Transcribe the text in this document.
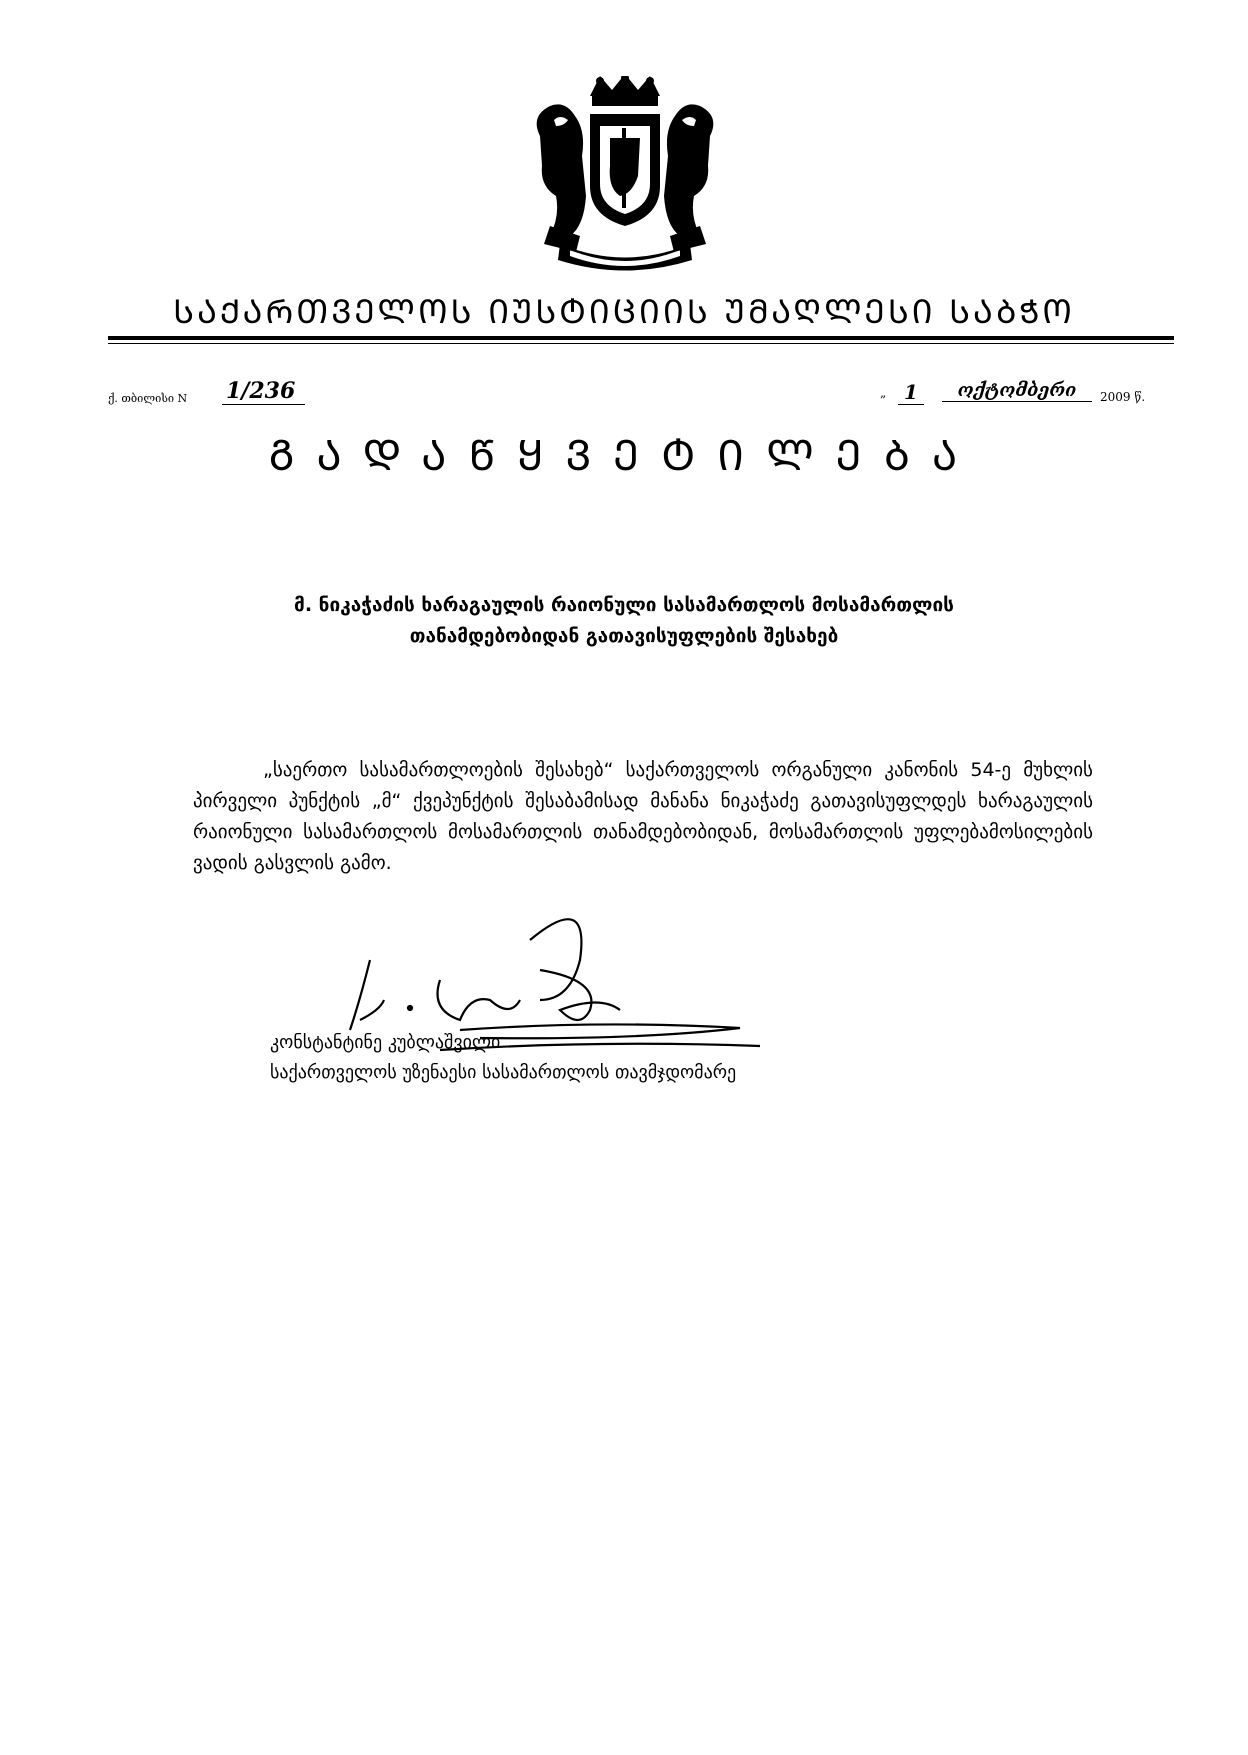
ᲡᲐᲥᲐᲠᲗᲕᲔᲚᲝᲡ ᲘᲣᲡᲢᲘᲪᲘᲘᲡ ᲣᲛᲐᲦᲚᲔᲡᲘ ᲡᲐᲑᲭᲝ
ქ. თბილისი N 1/236	„ 1	ოქტომბერი	2009 წ.
ᲒᲐᲓᲐᲬᲧᲕᲔᲢᲘᲚᲔᲑᲐ
მ. ნიკაჭაძის ხარაგაულის რაიონული სასამართლოს მოსამართლის
თანამდებობიდან გათავისუფლების შესახებ
„საერთო სასამართლოების შესახებ“ საქართველოს ორგანული კანონის 54-ე მუხლის პირველი პუნქტის „მ“ ქვეპუნქტის შესაბამისად მანანა ნიკაჭაძე გათავისუფლდეს ხარაგაულის რაიონული სასამართლოს მოსამართლის თანამდებობიდან, მოსამართლის უფლებამოსილების ვადის გასვლის გამო.
კონსტანტინე კუბლაშვილი
საქართველოს უზენაესი სასამართლოს თავმჯდომარე
